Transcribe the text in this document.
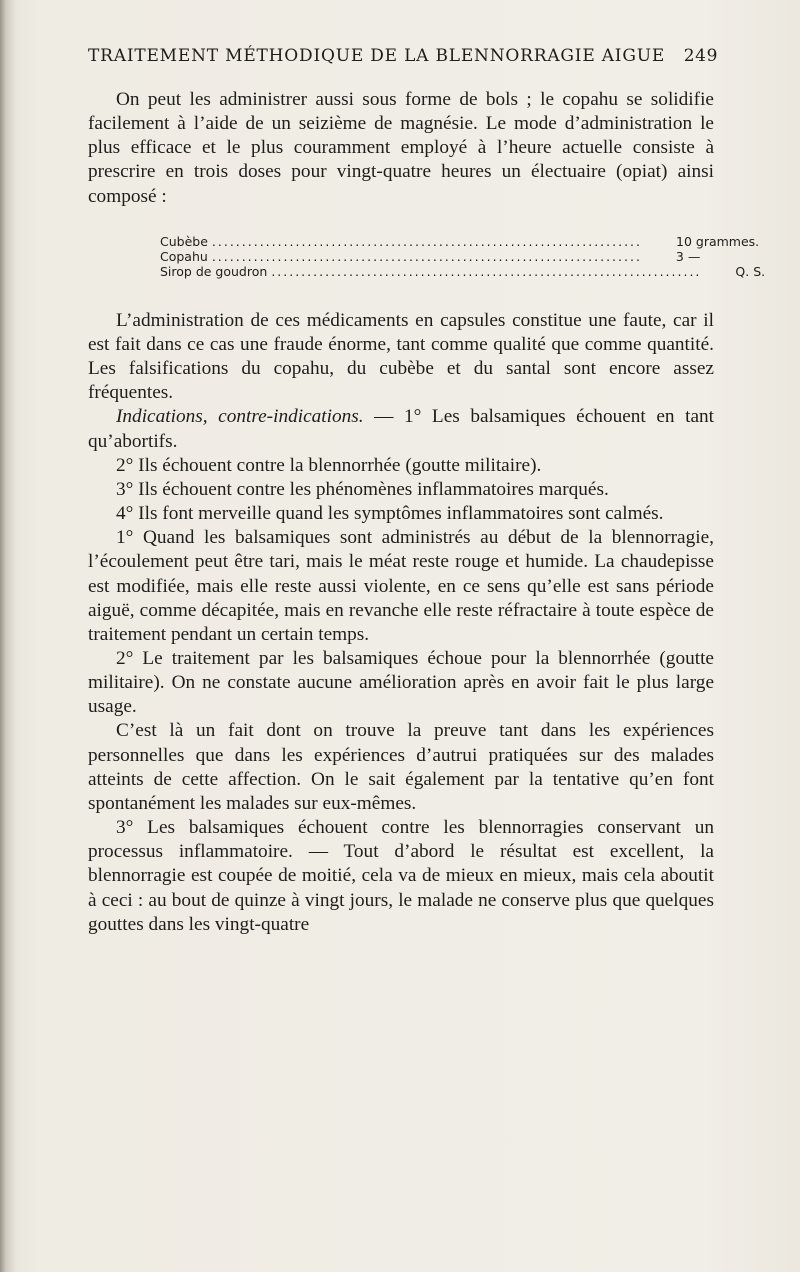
TRAITEMENT MÉTHODIQUE DE LA BLENNORRAGIE AIGUE 249

On peut les administrer aussi sous forme de bols ; le copahu se solidifie facilement à l’aide de un seizième de magnésie. Le mode d’administration le plus efficace et le plus couramment employé à l’heure actuelle consiste à prescrire en trois doses pour vingt-quatre heures un électuaire (opiat) ainsi composé :

Cubèbe ........................................................................	10 grammes.
Copahu ........................................................................	3 —
Sirop de goudron ........................................................................	Q. S.

L’administration de ces médicaments en capsules constitue une faute, car il est fait dans ce cas une fraude énorme, tant comme qualité que comme quantité. Les falsifications du copahu, du cubèbe et du santal sont encore assez fréquentes.

Indications, contre-indications. — 1° Les balsamiques échouent en tant qu’abortifs.

2° Ils échouent contre la blennorrhée (goutte militaire).

3° Ils échouent contre les phénomènes inflammatoires marqués.

4° Ils font merveille quand les symptômes inflammatoires sont calmés.

1° Quand les balsamiques sont administrés au début de la blennorragie, l’écoulement peut être tari, mais le méat reste rouge et humide. La chaudepisse est modifiée, mais elle reste aussi violente, en ce sens qu’elle est sans période aiguë, comme décapitée, mais en revanche elle reste réfractaire à toute espèce de traitement pendant un certain temps.

2° Le traitement par les balsamiques échoue pour la blennorrhée (goutte militaire). On ne constate aucune amélioration après en avoir fait le plus large usage.

C’est là un fait dont on trouve la preuve tant dans les expériences personnelles que dans les expériences d’autrui pratiquées sur des malades atteints de cette affection. On le sait également par la tentative qu’en font spontanément les malades sur eux-mêmes.

3° Les balsamiques échouent contre les blennorragies conservant un processus inflammatoire. — Tout d’abord le résultat est excellent, la blennorragie est coupée de moitié, cela va de mieux en mieux, mais cela aboutit à ceci : au bout de quinze à vingt jours, le malade ne conserve plus que quelques gouttes dans les vingt-quatre
